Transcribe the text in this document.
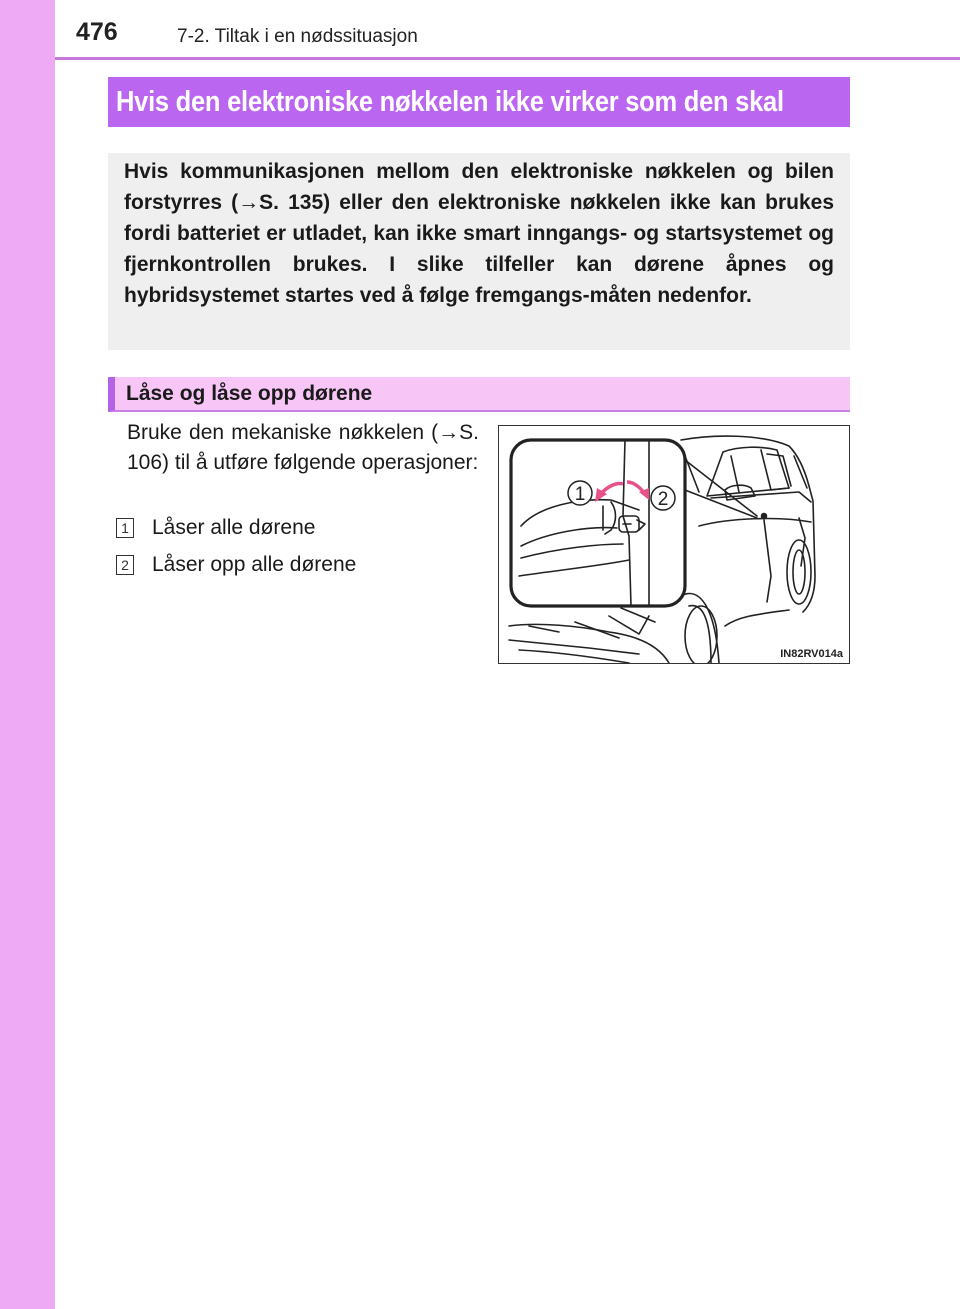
476	7-2. Tiltak i en nødssituasjon
Hvis den elektroniske nøkkelen ikke virker som den skal

Hvis kommunikasjonen mellom den elektroniske nøkkelen og bilen forstyrres (→S. 135) eller den elektroniske nøkkelen ikke kan brukes fordi batteriet er utladet, kan ikke smart inngangs- og startsystemet og fjernkontrollen brukes. I slike tilfeller kan dørene åpnes og hybridsystemet startes ved å følge fremgangs-måten nedenfor.

Låse og låse opp dørene

Bruke den mekaniske nøkkelen (→S. 106) til å utføre følgende operasjoner:

1 Låser alle dørene
2 Låser opp alle dørene
1	2
IN82RV014a
